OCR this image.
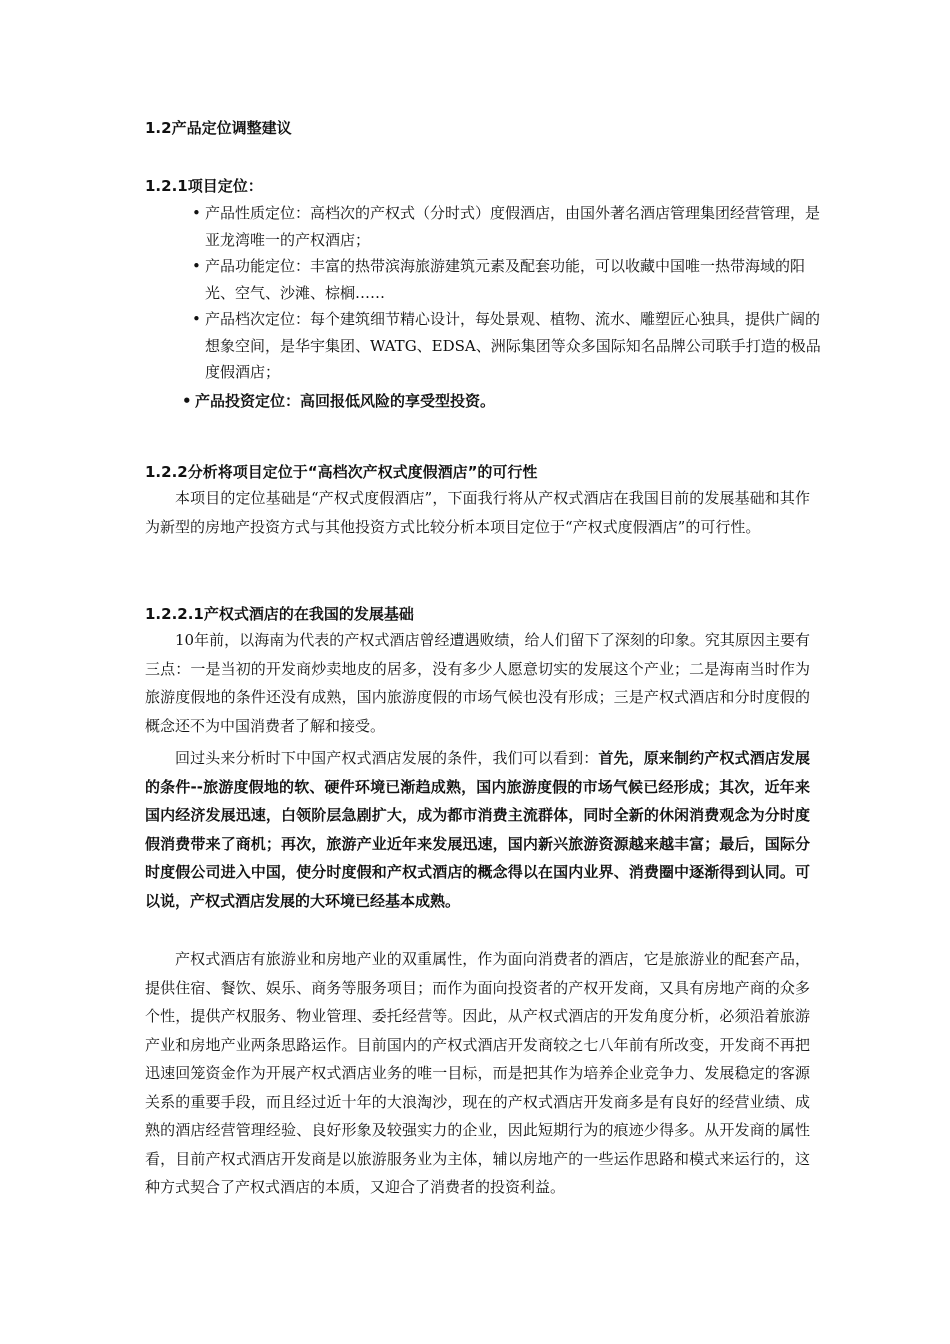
1.2产品定位调整建议
1.2.1项目定位：
• 产品性质定位：高档次的产权式（分时式）度假酒店，由国外著名酒店管理集团经营管理，是亚龙湾唯一的产权酒店；
• 产品功能定位：丰富的热带滨海旅游建筑元素及配套功能，可以收藏中国唯一热带海域的阳光、空气、沙滩、棕榈……
• 产品档次定位：每个建筑细节精心设计，每处景观、植物、流水、雕塑匠心独具，提供广阔的想象空间，是华宇集团、WATG、EDSA、洲际集团等众多国际知名品牌公司联手打造的极品度假酒店；
• 产品投资定位：高回报低风险的享受型投资。
1.2.2分析将项目定位于“高档次产权式度假酒店”的可行性

本项目的定位基础是“产权式度假酒店”，下面我行将从产权式酒店在我国目前的发展基础和其作为新型的房地产投资方式与其他投资方式比较分析本项目定位于“产权式度假酒店”的可行性。

1.2.2.1产权式酒店的在我国的发展基础

10年前，以海南为代表的产权式酒店曾经遭遇败绩，给人们留下了深刻的印象。究其原因主要有三点：一是当初的开发商炒卖地皮的居多，没有多少人愿意切实的发展这个产业；二是海南当时作为旅游度假地的条件还没有成熟，国内旅游度假的市场气候也没有形成；三是产权式酒店和分时度假的概念还不为中国消费者了解和接受。

回过头来分析时下中国产权式酒店发展的条件，我们可以看到：首先，原来制约产权式酒店发展的条件--旅游度假地的软、硬件环境已渐趋成熟，国内旅游度假的市场气候已经形成；其次，近年来国内经济发展迅速，白领阶层急剧扩大，成为都市消费主流群体，同时全新的休闲消费观念为分时度假消费带来了商机；再次，旅游产业近年来发展迅速，国内新兴旅游资源越来越丰富；最后，国际分时度假公司进入中国，使分时度假和产权式酒店的概念得以在国内业界、消费圈中逐渐得到认同。可以说，产权式酒店发展的大环境已经基本成熟。

产权式酒店有旅游业和房地产业的双重属性，作为面向消费者的酒店，它是旅游业的配套产品，提供住宿、餐饮、娱乐、商务等服务项目；而作为面向投资者的产权开发商，又具有房地产商的众多个性，提供产权服务、物业管理、委托经营等。因此，从产权式酒店的开发角度分析，必须沿着旅游产业和房地产业两条思路运作。目前国内的产权式酒店开发商较之七八年前有所改变，开发商不再把迅速回笼资金作为开展产权式酒店业务的唯一目标，而是把其作为培养企业竞争力、发展稳定的客源关系的重要手段，而且经过近十年的大浪淘沙，现在的产权式酒店开发商多是有良好的经营业绩、成熟的酒店经营管理经验、良好形象及较强实力的企业，因此短期行为的痕迹少得多。从开发商的属性看，目前产权式酒店开发商是以旅游服务业为主体，辅以房地产的一些运作思路和模式来运行的，这种方式契合了产权式酒店的本质，又迎合了消费者的投资利益。
